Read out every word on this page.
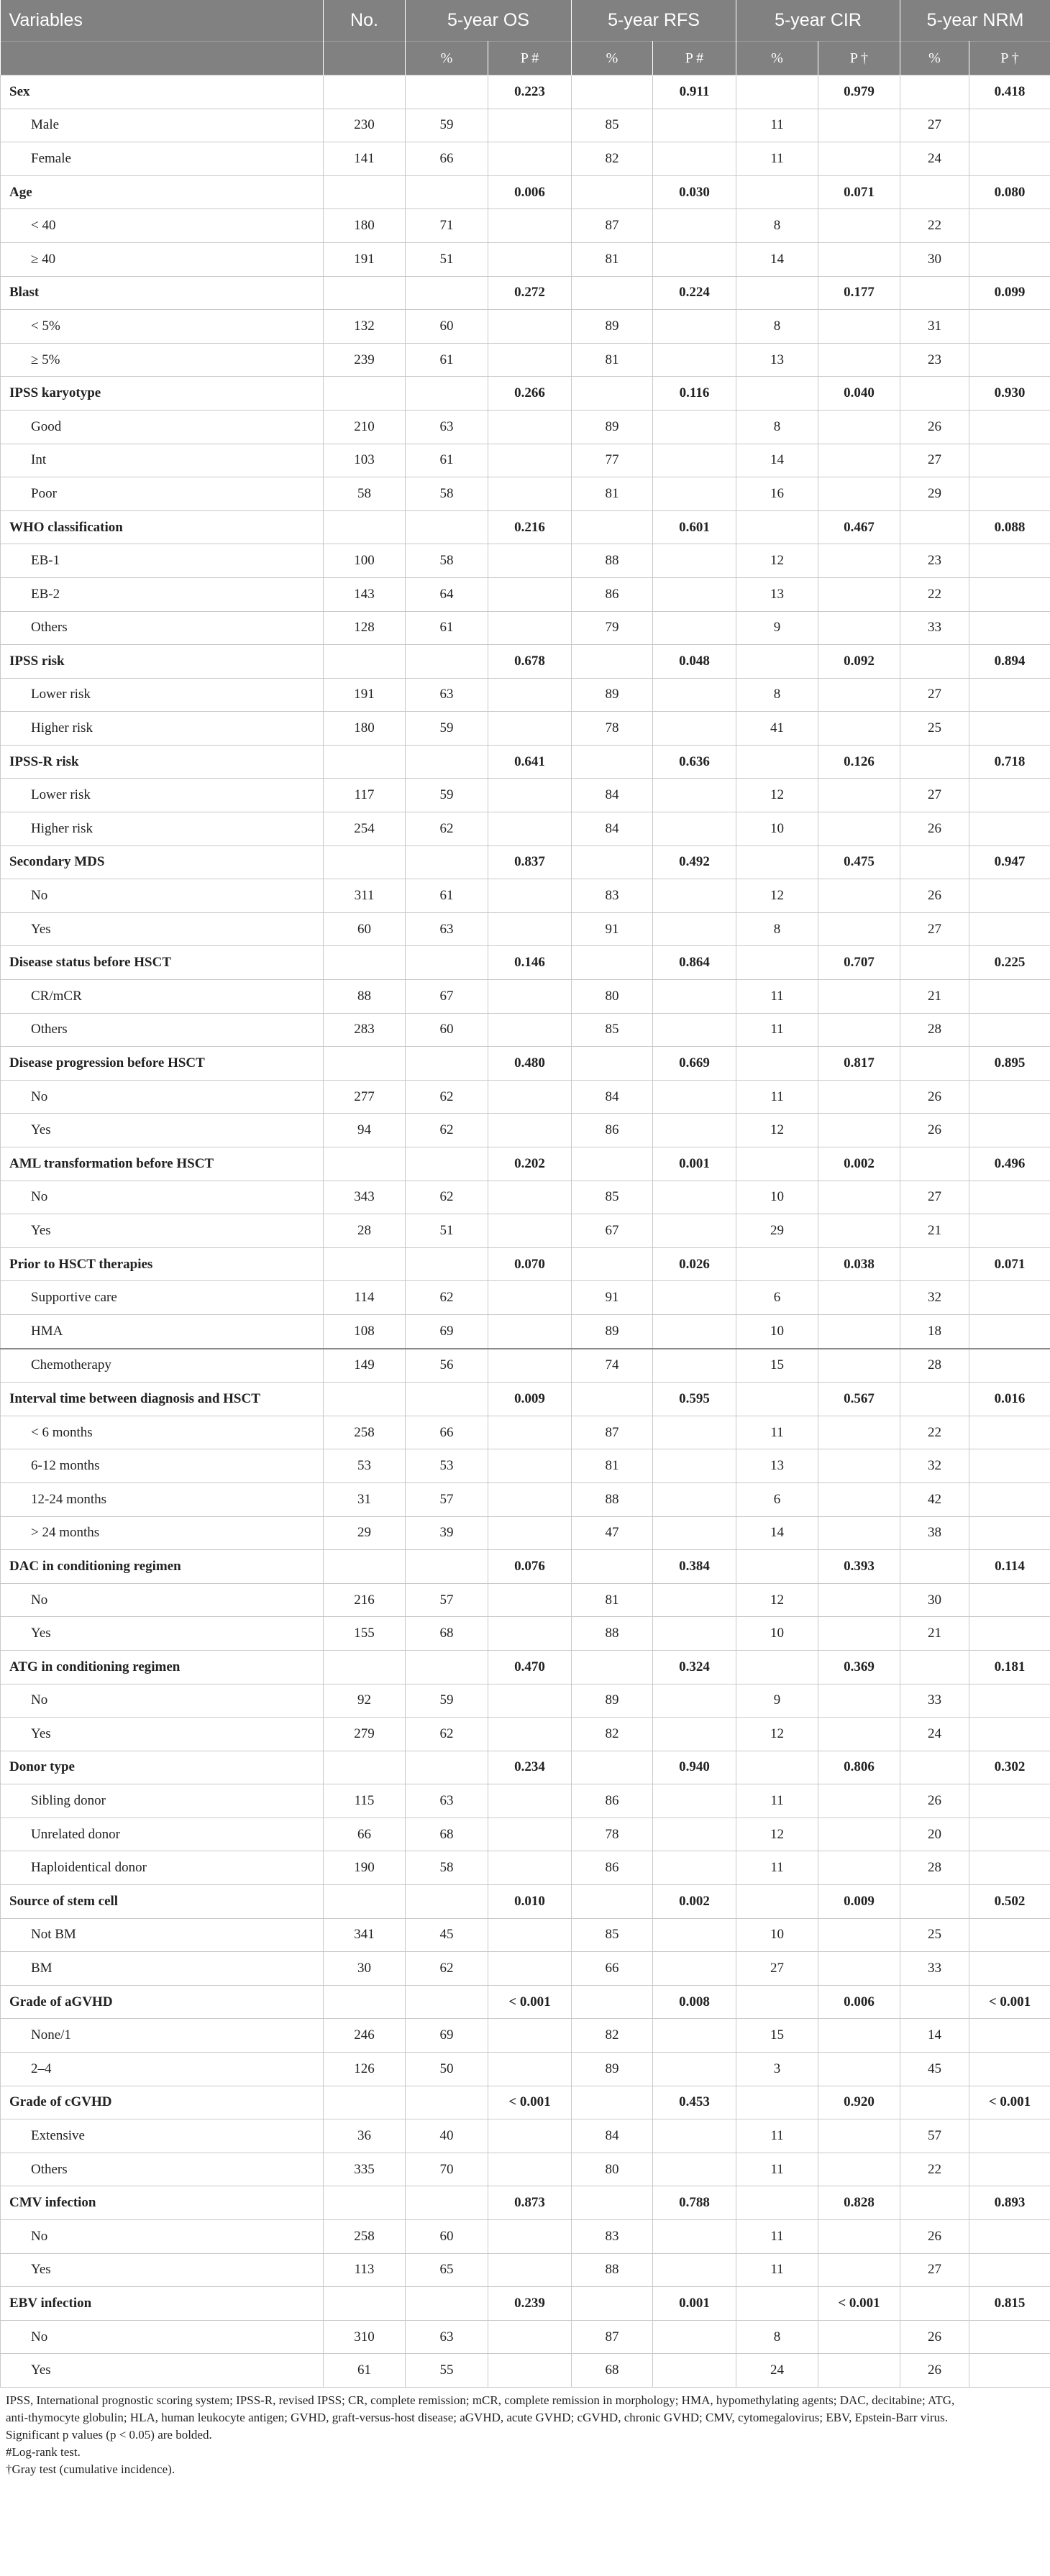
Variables	No.	5-year OS		5-year RFS		5-year CIR		5-year NRM	
		%	P #	%	P #	%	P †	%	P †
Sex			0.223		0.911		0.979		0.418
Male	230	59		85		11		27	
Female	141	66		82		11		24	
Age			0.006		0.030		0.071		0.080
< 40	180	71		87		8		22	
≥ 40	191	51		81		14		30	
Blast			0.272		0.224		0.177		0.099
< 5%	132	60		89		8		31	
≥ 5%	239	61		81		13		23	
IPSS karyotype			0.266		0.116		0.040		0.930
Good	210	63		89		8		26	
Int	103	61		77		14		27	
Poor	58	58		81		16		29	
WHO classification			0.216		0.601		0.467		0.088
EB-1	100	58		88		12		23	
EB-2	143	64		86		13		22	
Others	128	61		79		9		33	
IPSS risk			0.678		0.048		0.092		0.894
Lower risk	191	63		89		8		27	
Higher risk	180	59		78		41		25	
IPSS-R risk			0.641		0.636		0.126		0.718
Lower risk	117	59		84		12		27	
Higher risk	254	62		84		10		26	
Secondary MDS			0.837		0.492		0.475		0.947
No	311	61		83		12		26	
Yes	60	63		91		8		27	
Disease status before HSCT			0.146		0.864		0.707		0.225
CR/mCR	88	67		80		11		21	
Others	283	60		85		11		28	
Disease progression before HSCT			0.480		0.669		0.817		0.895
No	277	62		84		11		26	
Yes	94	62		86		12		26	
AML transformation before HSCT			0.202		0.001		0.002		0.496
No	343	62		85		10		27	
Yes	28	51		67		29		21	
Prior to HSCT therapies			0.070		0.026		0.038		0.071
Supportive care	114	62		91		6		32	
HMA	108	69		89		10		18	
Chemotherapy	149	56		74		15		28	
Interval time between diagnosis and HSCT			0.009		0.595		0.567		0.016
< 6 months	258	66		87		11		22	
6-12 months	53	53		81		13		32	
12-24 months	31	57		88		6		42	
> 24 months	29	39		47		14		38	
DAC in conditioning regimen			0.076		0.384		0.393		0.114
No	216	57		81		12		30	
Yes	155	68		88		10		21	
ATG in conditioning regimen			0.470		0.324		0.369		0.181
No	92	59		89		9		33	
Yes	279	62		82		12		24	
Donor type			0.234		0.940		0.806		0.302
Sibling donor	115	63		86		11		26	
Unrelated donor	66	68		78		12		20	
Haploidentical donor	190	58		86		11		28	
Source of stem cell			0.010		0.002		0.009		0.502
Not BM	341	45		85		10		25	
BM	30	62		66		27		33	
Grade of aGVHD			< 0.001		0.008		0.006		< 0.001
None/1	246	69		82		15		14	
2–4	126	50		89		3		45	
Grade of cGVHD			< 0.001		0.453		0.920		< 0.001
Extensive	36	40		84		11		57	
Others	335	70		80		11		22	
CMV infection			0.873		0.788		0.828		0.893
No	258	60		83		11		26	
Yes	113	65		88		11		27	
EBV infection			0.239		0.001		< 0.001		0.815
No	310	63		87		8		26	
Yes	61	55		68		24		26	
IPSS, International prognostic scoring system; IPSS-R, revised IPSS; CR, complete remission; mCR, complete remission in morphology; HMA, hypomethylating agents; DAC, decitabine; ATG,
anti-thymocyte globulin; HLA, human leukocyte antigen; GVHD, graft-versus-host disease; aGVHD, acute GVHD; cGVHD, chronic GVHD; CMV, cytomegalovirus; EBV, Epstein-Barr virus.
Significant p values (p < 0.05) are bolded.
#Log-rank test.
†Gray test (cumulative incidence).
